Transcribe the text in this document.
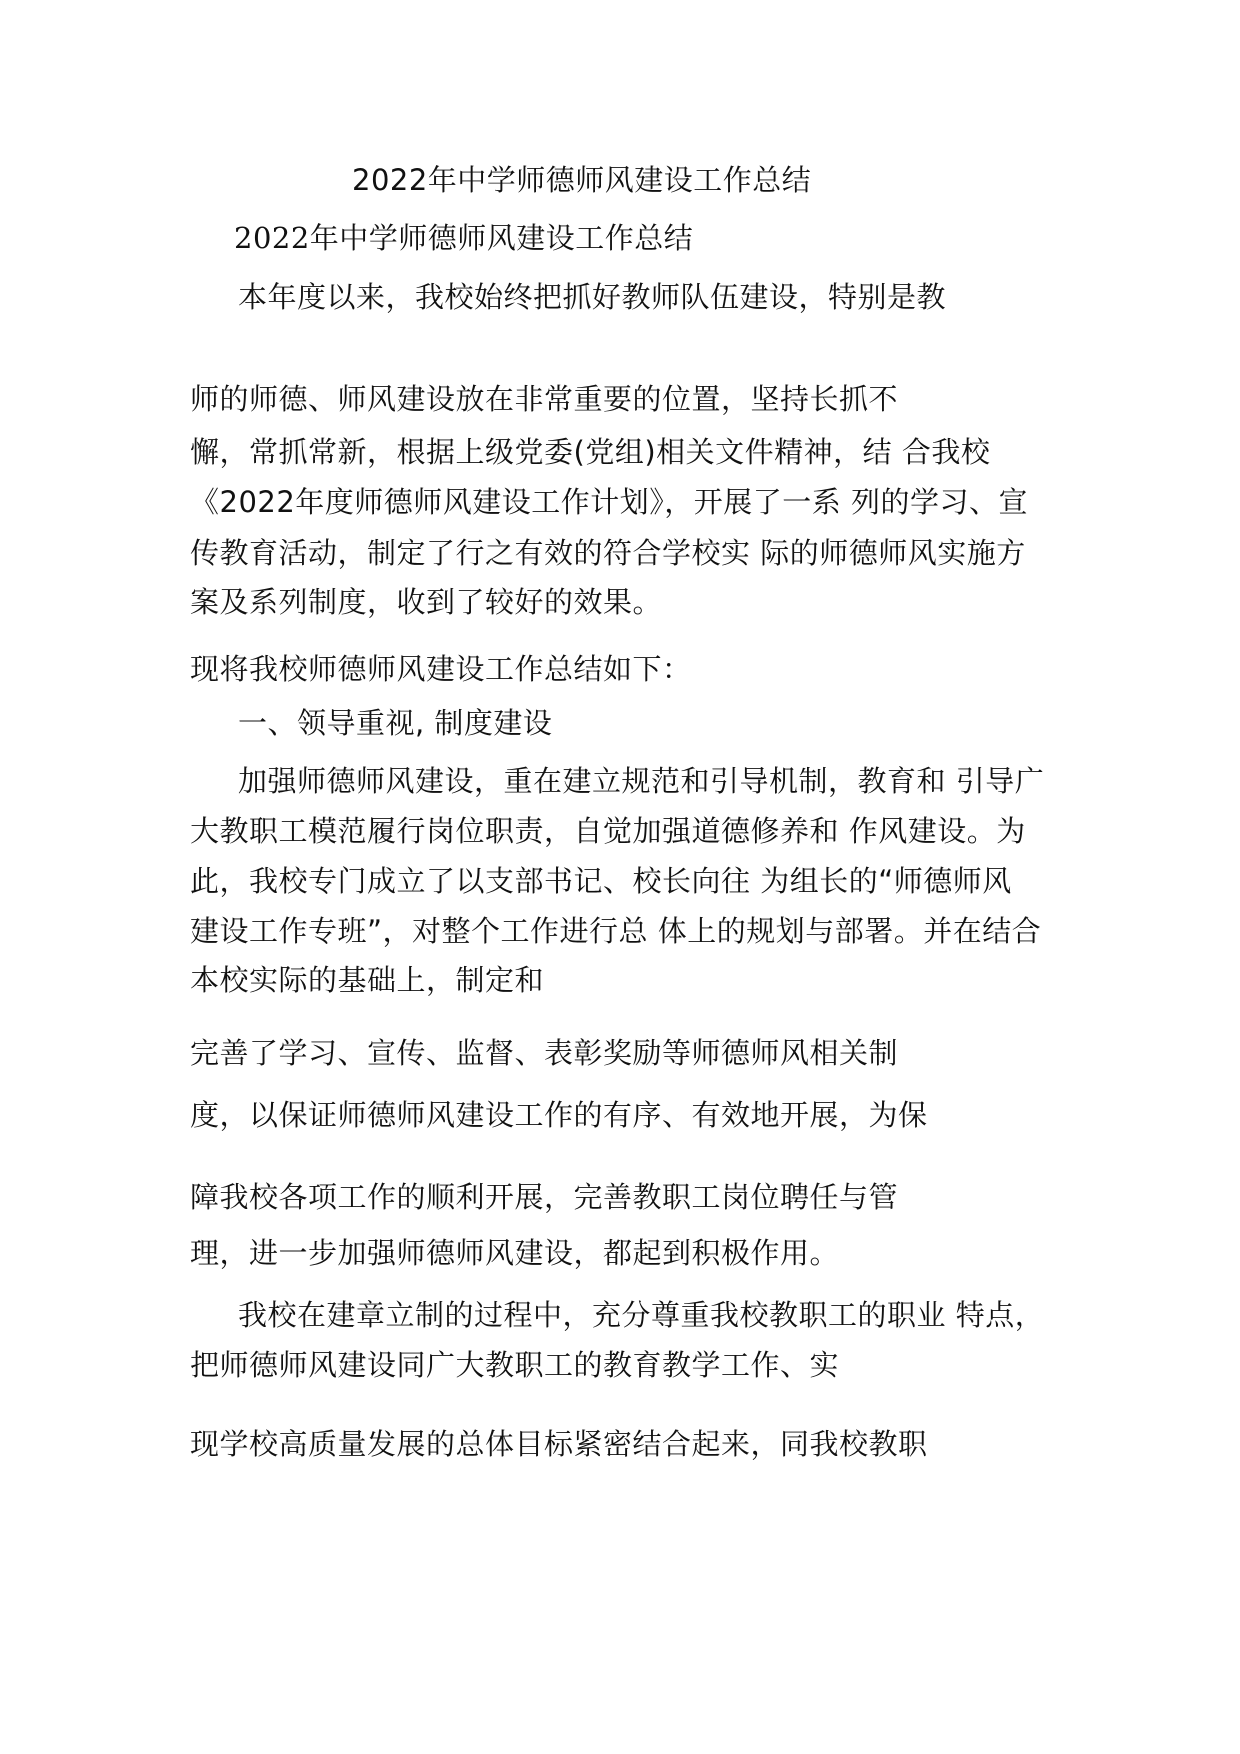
2022年中学师德师风建设工作总结
2022年中学师德师风建设工作总结
本年度以来，我校始终把抓好教师队伍建设，特别是教
师的师德、师风建设放在非常重要的位置，坚持长抓不
懈，常抓常新，根据上级党委(党组)相关文件精神，结 合我校
《2022年度师德师风建设工作计划》，开展了一系 列的学习、宣
传教育活动，制定了行之有效的符合学校实 际的师德师风实施方
案及系列制度，收到了较好的效果。
现将我校师德师风建设工作总结如下：
一、领导重视, 制度建设
加强师德师风建设，重在建立规范和引导机制，教育和 引导广
大教职工模范履行岗位职责，自觉加强道德修养和 作风建设。为
此，我校专门成立了以支部书记、校长向往 为组长的“师德师风
建设工作专班”，对整个工作进行总 体上的规划与部署。并在结合
本校实际的基础上，制定和
完善了学习、宣传、监督、表彰奖励等师德师风相关制
度，以保证师德师风建设工作的有序、有效地开展，为保
障我校各项工作的顺利开展，完善教职工岗位聘任与管
理，进一步加强师德师风建设，都起到积极作用。
我校在建章立制的过程中，充分尊重我校教职工的职业 特点，
把师德师风建设同广大教职工的教育教学工作、实
现学校高质量发展的总体目标紧密结合起来，同我校教职
